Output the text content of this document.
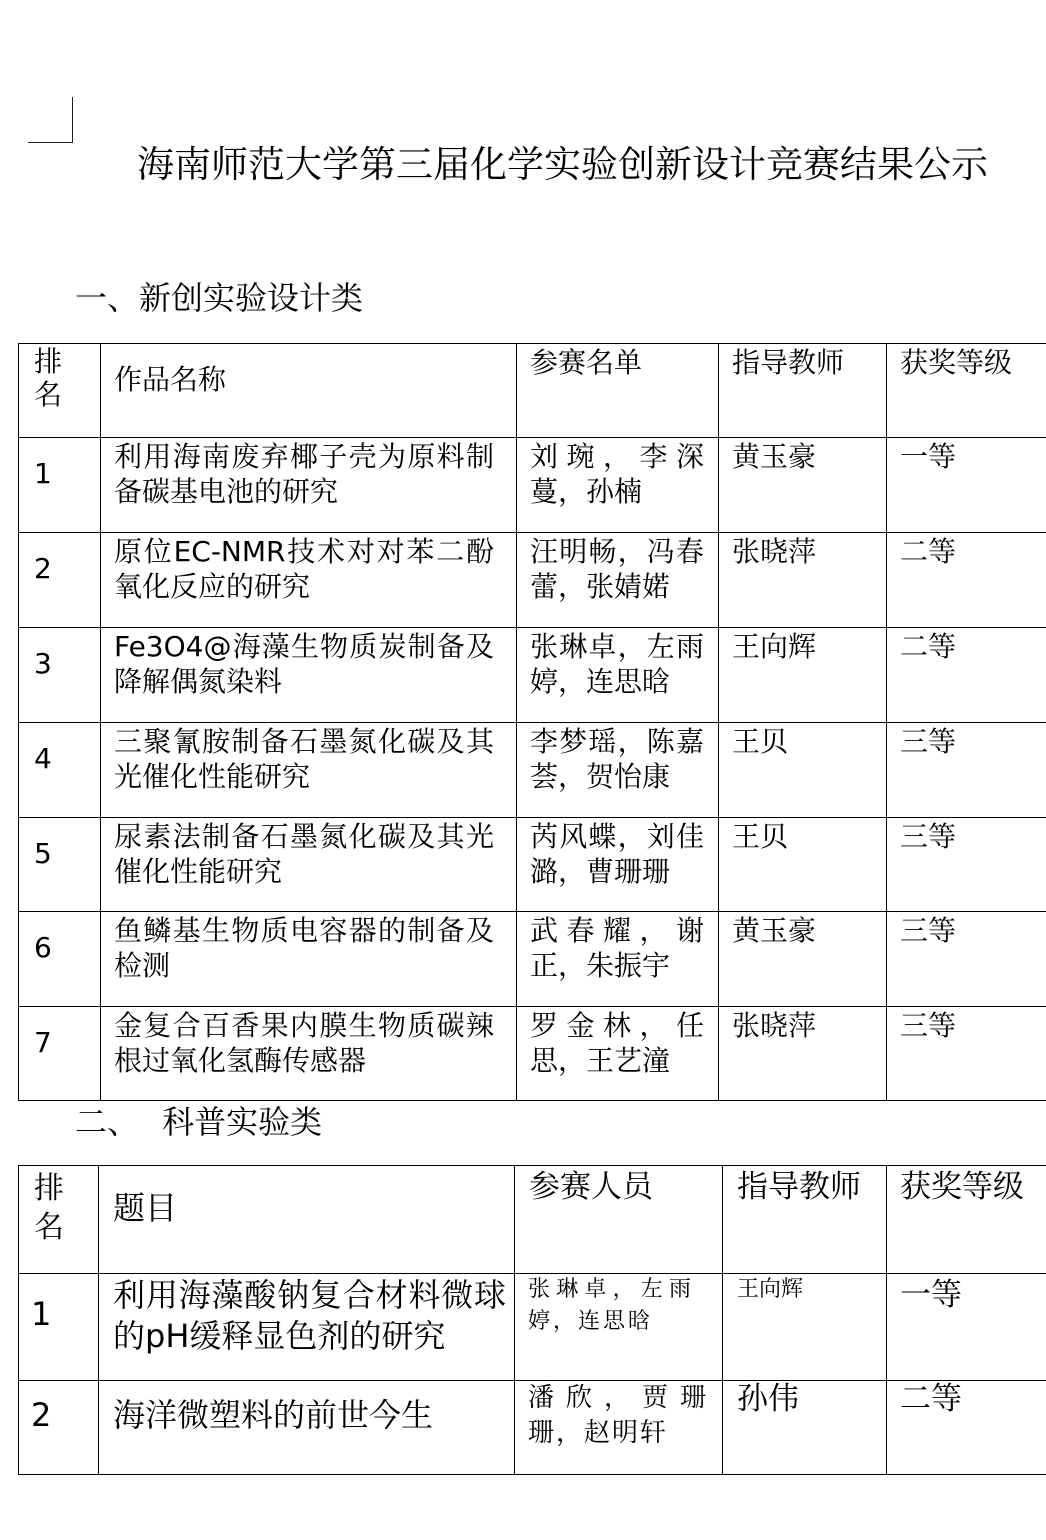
海南师范大学第三届化学实验创新设计竞赛结果公示
一、新创实验设计类
排名	作品名称	参赛名单	指导教师	获奖等级
1	利用海南废弃椰子壳为原料制备碳基电池的研究	刘琬，李深蔓，孙楠	黄玉豪	一等
2	原位EC-NMR技术对对苯二酚氧化反应的研究	汪明畅，冯春蕾，张婧婼	张晓萍	二等
3	Fe3O4@海藻生物质炭制备及降解偶氮染料	张琳卓，左雨婷，连思晗	王向辉	二等
4	三聚氰胺制备石墨氮化碳及其光催化性能研究	李梦瑶，陈嘉荟，贺怡康	王贝	三等
5	尿素法制备石墨氮化碳及其光催化性能研究	芮风蝶，刘佳潞，曹珊珊	王贝	三等
6	鱼鳞基生物质电容器的制备及检测	武春耀，谢正，朱振宇	黄玉豪	三等
7	金复合百香果内膜生物质碳辣根过氧化氢酶传感器	罗金林，任思，王艺潼	张晓萍	三等
二、 科普实验类
排名	题目	参赛人员	指导教师	获奖等级
1	利用海藻酸钠复合材料微球的pH缓释显色剂的研究	张琳卓，左雨婷，连思晗	王向辉	一等
2	海洋微塑料的前世今生	潘欣，贾珊珊，赵明轩	孙伟	二等
